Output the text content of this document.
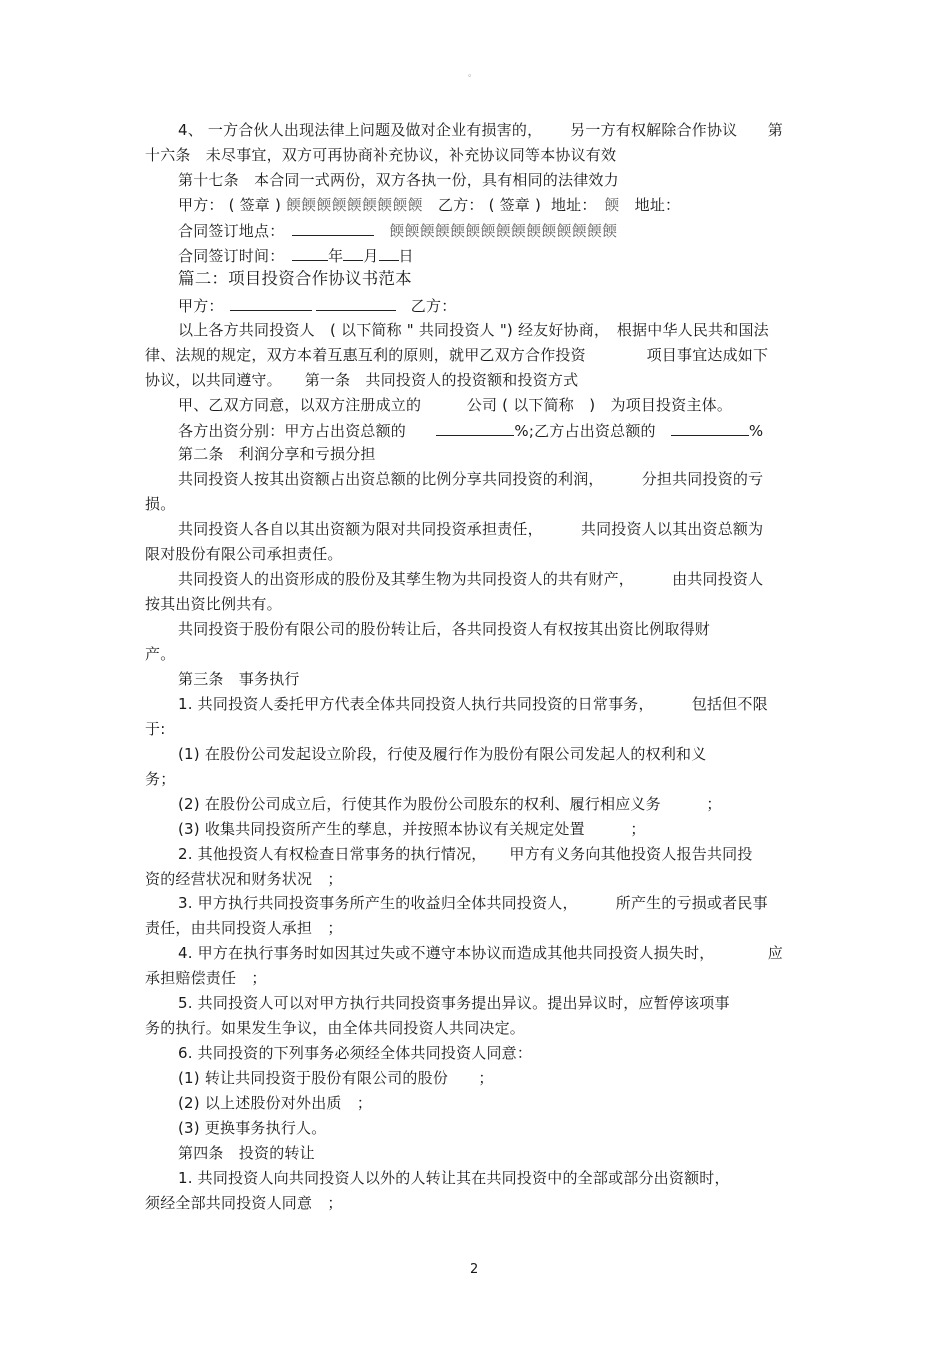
。
4、 一方合伙人出现法律上问题及做对企业有损害的，　　 另一方有权解除合作协议　　第
十六条　未尽事宜，双方可再协商补充协议，补充协议同等本协议有效
第十七条　本合同一式两份，双方各执一份，具有相同的法律效力
甲方： ( 签章 ) 餪餪餪餪餪餪餪餪餪　乙方： ( 签章 )  地址：　餪　地址：
合同签订地点：　	　餪餪餪餪餪餪餪餪餪餪餪餪餪餪餪
合同签订时间：　年 月 日
篇二：项目投资合作协议书范本
甲方：	　乙方：
以上各方共同投资人　( 以下简称 " 共同投资人 ") 经友好协商，　根据中华人民共和国法
律、法规的规定，双方本着互惠互利的原则，就甲乙双方合作投资　　　　项目事宜达成如下
协议，以共同遵守。　　第一条　共同投资人的投资额和投资方式
甲、乙双方同意，以双方注册成立的　　　公司 ( 以下简称　)　为项目投资主体。
各方出资分别：甲方占出资总额的　　	%;乙方占出资总额的　	%
第二条　利润分享和亏损分担
共同投资人按其出资额占出资总额的比例分享共同投资的利润，　　　分担共同投资的亏
损。
共同投资人各自以其出资额为限对共同投资承担责任，　　　共同投资人以其出资总额为
限对股份有限公司承担责任。
共同投资人的出资形成的股份及其孳生物为共同投资人的共有财产，　　　由共同投资人
按其出资比例共有。
共同投资于股份有限公司的股份转让后，各共同投资人有权按其出资比例取得财
产。
第三条　事务执行
1. 共同投资人委托甲方代表全体共同投资人执行共同投资的日常事务，　　　包括但不限
于:
(1) 在股份公司发起设立阶段，行使及履行作为股份有限公司发起人的权利和义
务；
(2) 在股份公司成立后，行使其作为股份公司股东的权利、履行相应义务　　　；
(3) 收集共同投资所产生的孳息，并按照本协议有关规定处置　　　；
2. 其他投资人有权检查日常事务的执行情况，　　甲方有义务向其他投资人报告共同投
资的经营状况和财务状况　；
3. 甲方执行共同投资事务所产生的收益归全体共同投资人，　　　所产生的亏损或者民事
责任，由共同投资人承担　；
4. 甲方在执行事务时如因其过失或不遵守本协议而造成其他共同投资人损失时，　　　　应
承担赔偿责任　；
5. 共同投资人可以对甲方执行共同投资事务提出异议。提出异议时，应暂停该项事
务的执行。如果发生争议，由全体共同投资人共同决定。
6. 共同投资的下列事务必须经全体共同投资人同意：
(1) 转让共同投资于股份有限公司的股份　　；
(2) 以上述股份对外出质　；
(3) 更换事务执行人。
第四条　投资的转让
1. 共同投资人向共同投资人以外的人转让其在共同投资中的全部或部分出资额时，
须经全部共同投资人同意　；
2
